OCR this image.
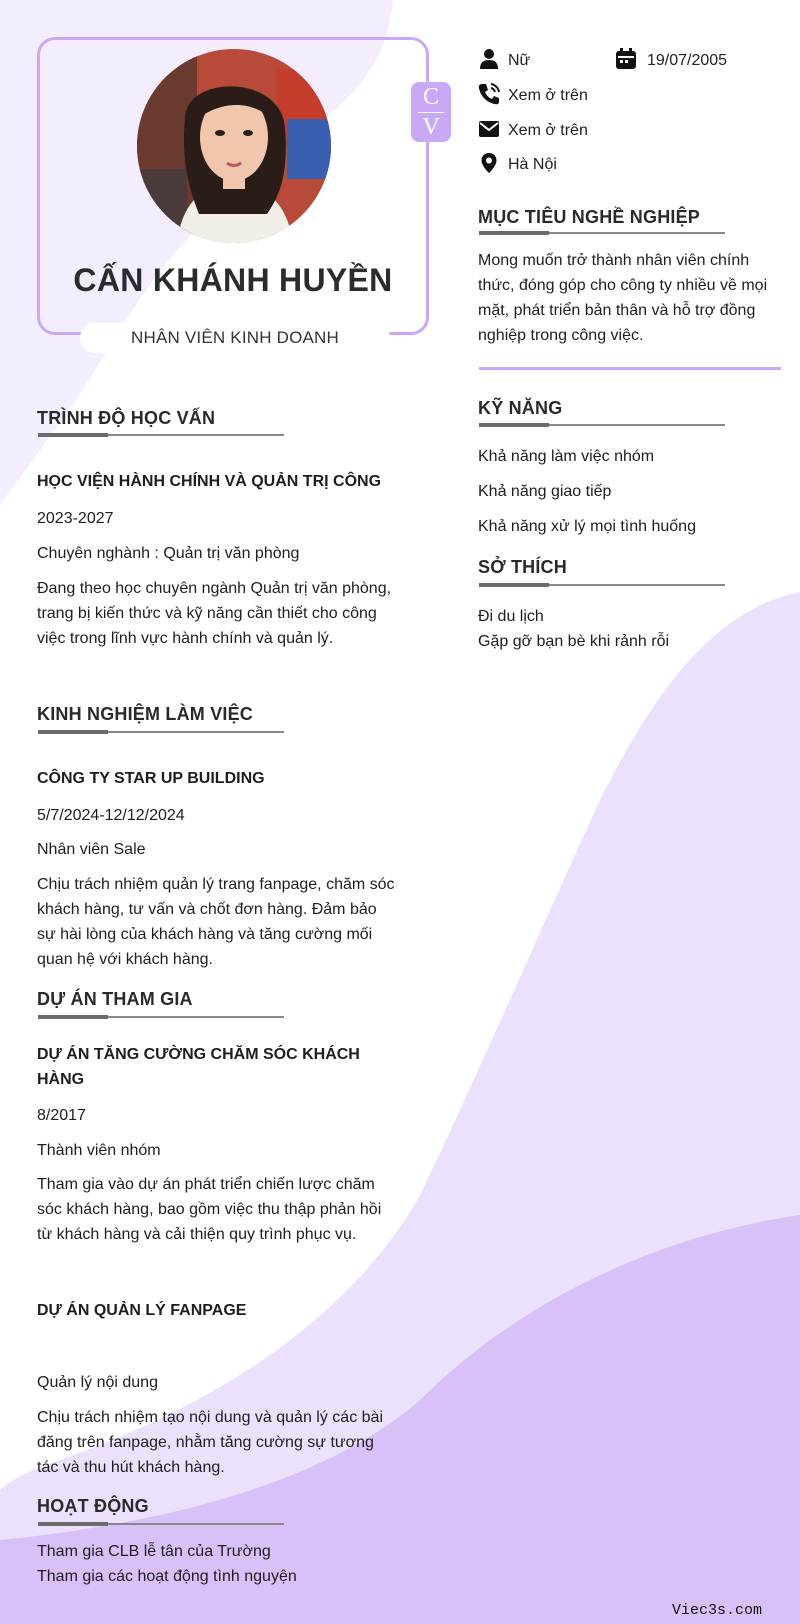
CẤN KHÁNH HUYỀN
NHÂN VIÊN KINH DOANH
C
V
Nữ	19/07/2005
Xem ở trên
Xem ở trên
Hà Nội
MỤC TIÊU NGHỀ NGHIỆP
Mong muốn trở thành nhân viên chính thức, đóng góp cho công ty nhiều về mọi mặt, phát triển bản thân và hỗ trợ đồng nghiệp trong công việc.
KỸ NĂNG
Khả năng làm việc nhóm
Khả năng giao tiếp
Khả năng xử lý mọi tình huống
SỞ THÍCH
Đi du lịch
Gặp gỡ bạn bè khi rảnh rỗi
TRÌNH ĐỘ HỌC VẤN
HỌC VIỆN HÀNH CHÍNH VÀ QUẢN TRỊ CÔNG
2023-2027
Chuyên nghành : Quản trị văn phòng
Đang theo học chuyên ngành Quản trị văn phòng, trang bị kiến thức và kỹ năng cần thiết cho công việc trong lĩnh vực hành chính và quản lý.
KINH NGHIỆM LÀM VIỆC
CÔNG TY STAR UP BUILDING
5/7/2024-12/12/2024
Nhân viên Sale
Chịu trách nhiệm quản lý trang fanpage, chăm sóc khách hàng, tư vấn và chốt đơn hàng. Đảm bảo sự hài lòng của khách hàng và tăng cường mối quan hệ với khách hàng.
DỰ ÁN THAM GIA
DỰ ÁN TĂNG CƯỜNG CHĂM SÓC KHÁCH HÀNG
8/2017
Thành viên nhóm
Tham gia vào dự án phát triển chiến lược chăm sóc khách hàng, bao gồm việc thu thập phản hồi từ khách hàng và cải thiện quy trình phục vụ.
DỰ ÁN QUẢN LÝ FANPAGE
Quản lý nội dung
Chịu trách nhiệm tạo nội dung và quản lý các bài đăng trên fanpage, nhằm tăng cường sự tương tác và thu hút khách hàng.
HOẠT ĐỘNG
Tham gia CLB lễ tân của Trường
Tham gia các hoạt động tình nguyện
Viec3s.com
